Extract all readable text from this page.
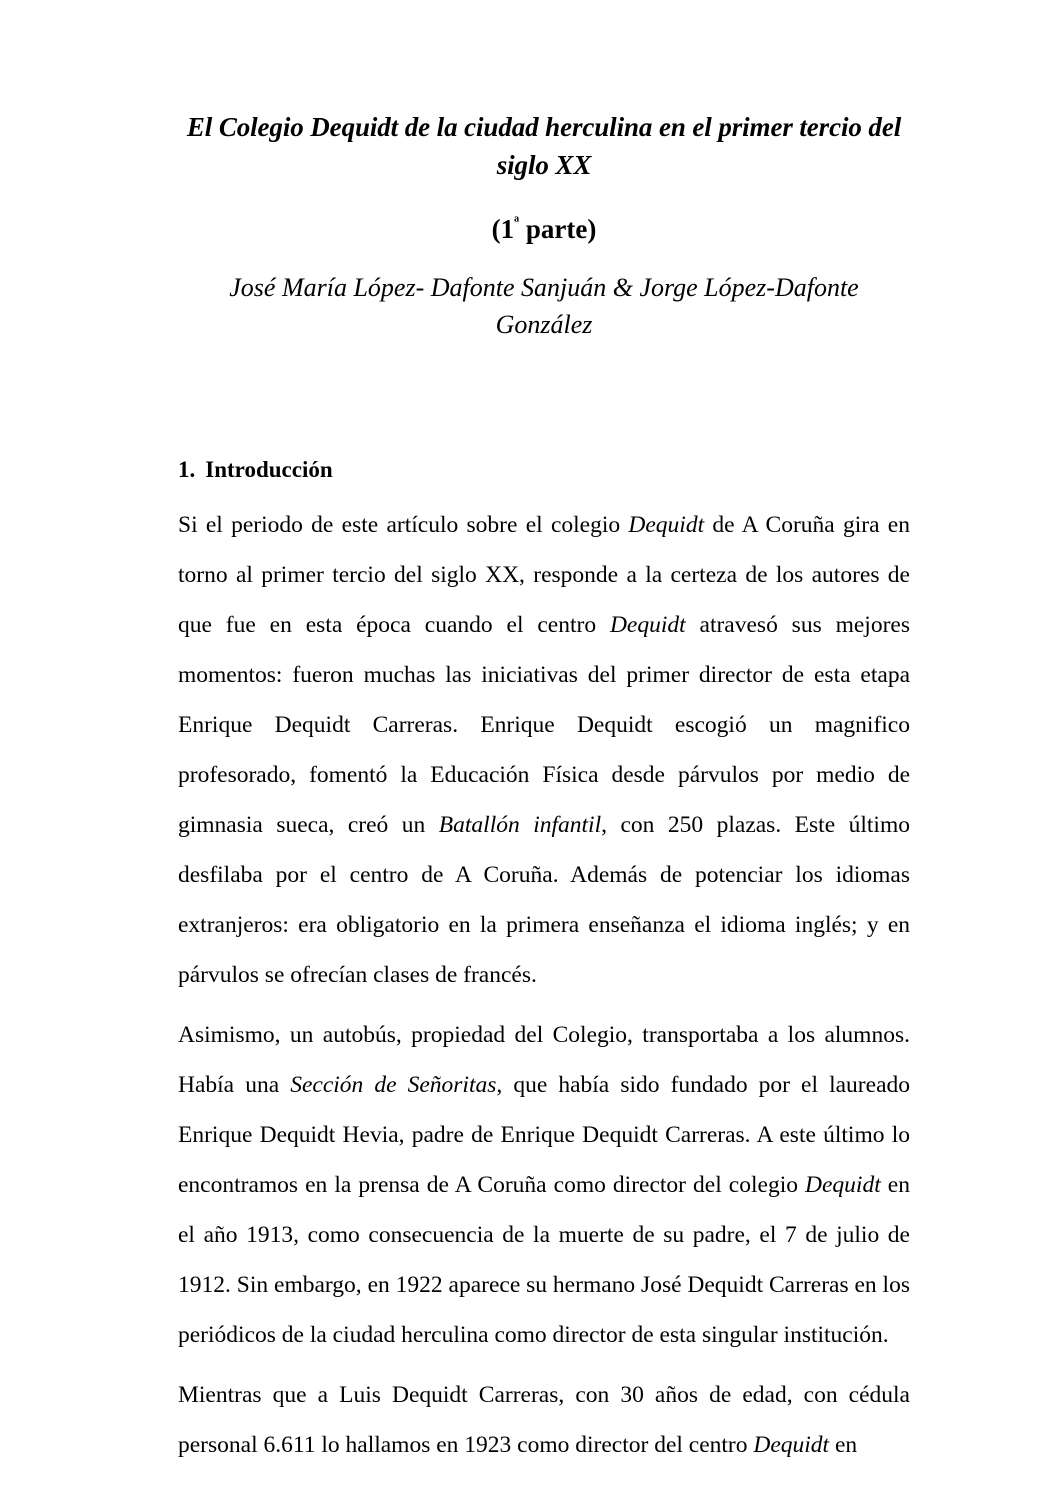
El Colegio Dequidt de la ciudad herculina en el primer tercio del siglo XX
($1^ª$ parte)
José María López- Dafonte Sanjuán & Jorge López-Dafonte González
1. Introducción

Si el periodo de este artículo sobre el colegio Dequidt de A Coruña gira en torno al primer tercio del siglo XX, responde a la certeza de los autores de que fue en esta época cuando el centro Dequidt atravesó sus mejores momentos: fueron muchas las iniciativas del primer director de esta etapa Enrique Dequidt Carreras. Enrique Dequidt escogió un magnifico profesorado, fomentó la Educación Física desde párvulos por medio de gimnasia sueca, creó un Batallón infantil, con 250 plazas. Este último desfilaba por el centro de A Coruña. Además de potenciar los idiomas extranjeros: era obligatorio en la primera enseñanza el idioma inglés; y en párvulos se ofrecían clases de francés.

Asimismo, un autobús, propiedad del Colegio, transportaba a los alumnos. Había una Sección de Señoritas, que había sido fundado por el laureado Enrique Dequidt Hevia, padre de Enrique Dequidt Carreras. A este último lo encontramos en la prensa de A Coruña como director del colegio Dequidt en el año 1913, como consecuencia de la muerte de su padre, el 7 de julio de 1912. Sin embargo, en 1922 aparece su hermano José Dequidt Carreras en los periódicos de la ciudad herculina como director de esta singular institución.

Mientras que a Luis Dequidt Carreras, con 30 años de edad, con cédula personal 6.611 lo hallamos en 1923 como director del centro Dequidt en
